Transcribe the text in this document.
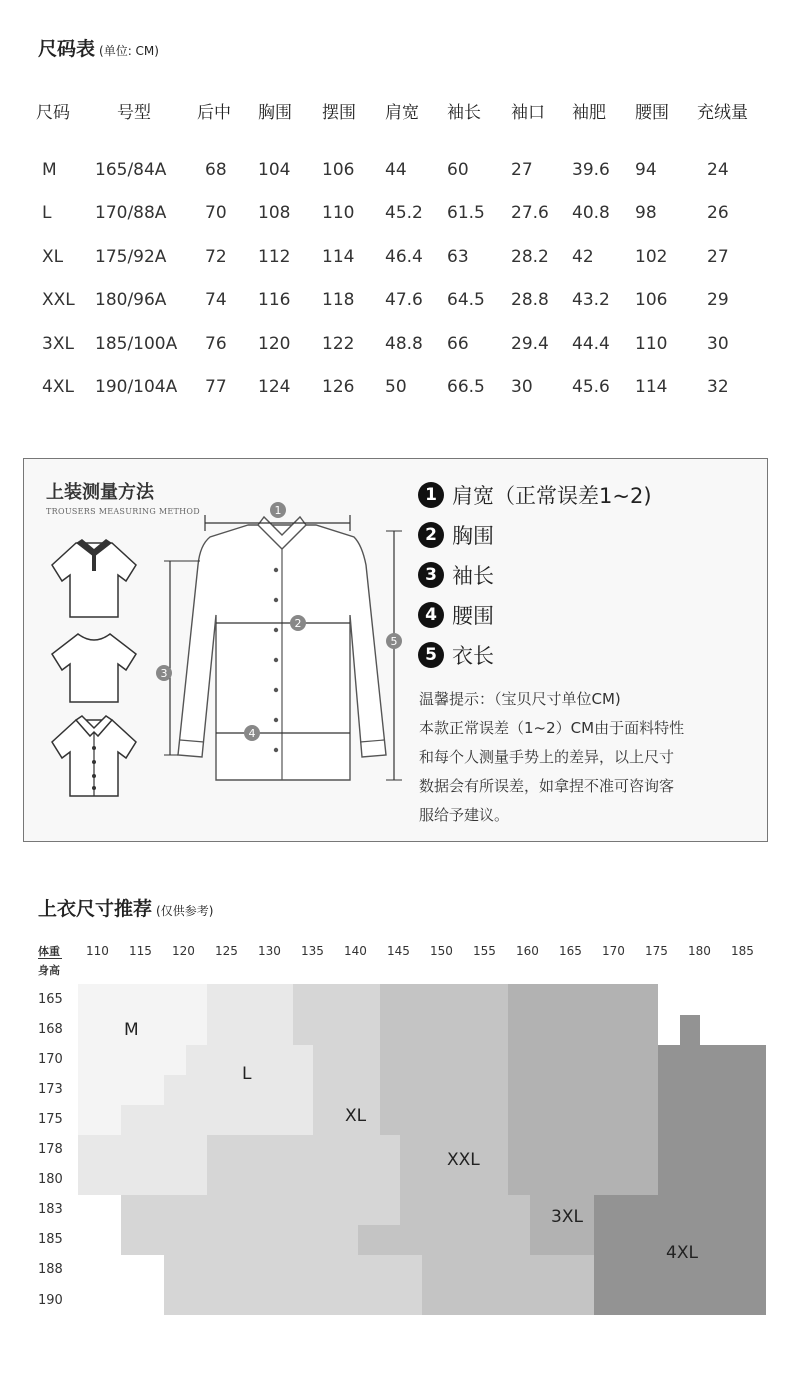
尺码表 (单位: CM)
尺码	号型	后中 胸围 摆围 肩宽 袖长 袖口 袖肥 腰围 充绒量
M 165/84A 68 104 106 44 60 27 39.6 94	24
L	170/88A 70 108 110 45.2 61.5 27.6 40.8 98	26
XL 175/92A 72 112 114 46.4 63 28.2 42 102 27
XXL 180/96A 74 116 118 47.6 64.5 28.8 43.2 106 29
3XL 185/100A 76 120 122 48.8 66 29.4 44.4 110 30
4XL 190/104A 77 124 126 50 66.5 30 45.6 114 32
上装测量方法
TROUSERS MEASURING METHOD	1
2
3
4
5
1 肩宽（正常误差1~2)
2 胸围
3 袖长
4 腰围
5 衣长
温馨提示：（宝贝尺寸单位CM)
本款正常误差（1~2）CM由于面料特性
和每个人测量手势上的差异，以上尺寸
数据会有所误差，如拿捏不准可咨询客
服给予建议。
上衣尺寸推荐 (仅供参考)
体重
身高
110 115 120 125 130 135 140 145 150 155 160 165 170 175 180 185
165
168
170
173
175
178
180
183
185
188
190
M
L
XL
XXL
3XL
4XL
